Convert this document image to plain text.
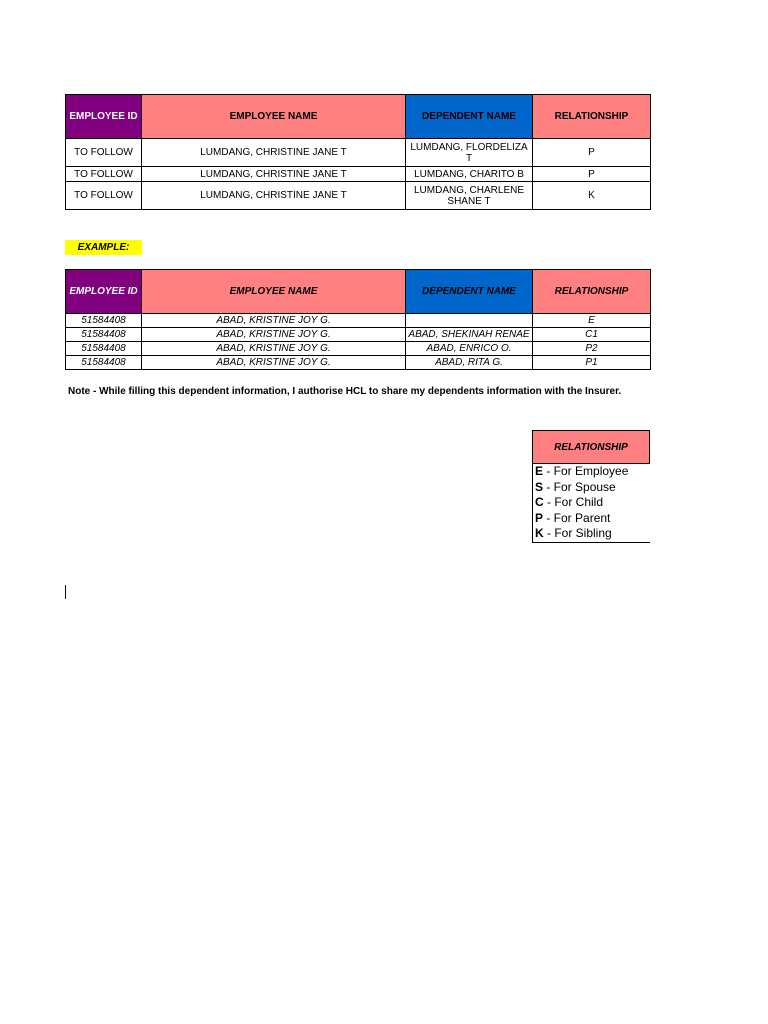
EMPLOYEE ID	EMPLOYEE NAME	DEPENDENT NAME	RELATIONSHIP
TO FOLLOW	LUMDANG, CHRISTINE JANE T	LUMDANG, FLORDELIZA T	P
TO FOLLOW	LUMDANG, CHRISTINE JANE T	LUMDANG, CHARITO B	P
TO FOLLOW	LUMDANG, CHRISTINE JANE T	LUMDANG, CHARLENE SHANE T	K
EXAMPLE:
EMPLOYEE ID	EMPLOYEE NAME	DEPENDENT NAME	RELATIONSHIP
51584408	ABAD, KRISTINE JOY G.		E
51584408	ABAD, KRISTINE JOY G.	ABAD, SHEKINAH RENAE	C1
51584408	ABAD, KRISTINE JOY G.	ABAD, ENRICO O.	P2
51584408	ABAD, KRISTINE JOY G.	ABAD, RITA G.	P1
Note - While filling this dependent information, I authorise HCL to share my dependents information with the Insurer.
RELATIONSHIP
E - For Employee
S - For Spouse
C - For Child
P - For Parent
K - For Sibling
